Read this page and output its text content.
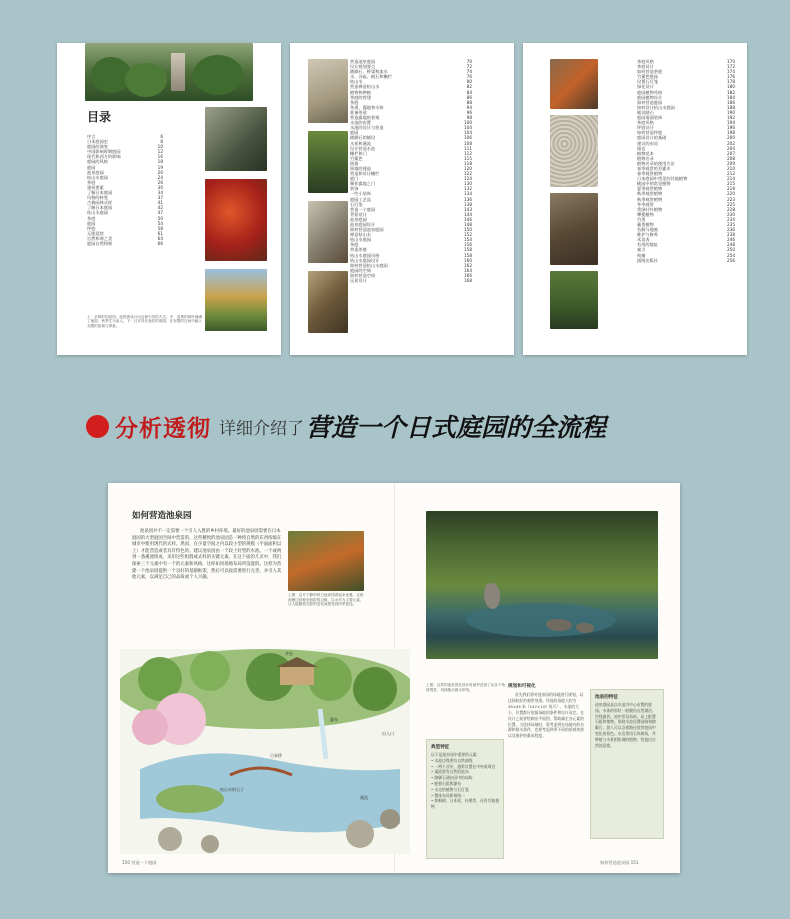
目录
序言	6
日本庭园史	8
庭园的演变	10
中国影响时期庭园	12
现代和西方的影响	16
庭园的风格	18
庭园	19
池泉庭园	20
枯山水庭园	24
茶庭	26
建筑要素	30
了解日本庭园	34
风格的转变	37
古典园林式样	41
了解日本庭园	42
枯山水庭园	47
茶庭	50
庭园	54
坪庭	58
无限延续	61
自然和谐之美	64
庭园自然和谐	66
上：京都町的庭园。庭园被设计出这种引导的方式。中：漆黑的枫叶铺满了地面，秋季尤为迷人。下：日本具代表性的庭园，在有限的空间中融入无限的意境与禅意。
营造池泉庭园	70
设计规划要点	72
踏脚石、桥梁和流水	74
水、沙砾、植石和栅栏	76
枯山水	80
营造禅意枯山水	82
植物和种植	84
茶庭的营建	86
茶庭	88
茶道、露地和水钵	94
准备茶道	96
营造露地的景观	98
水池的布置	100
水池的设计与营造	104
庭园	104
踏脚石的铺设	106
水景和溪流	108
设计营造水池	111
栅栏和门	112
竹篱笆	115
围墙	118
围墙的建造	120
营造和设计栅栏	122
庭门	124
制作露地之门	130
装饰	132
一些小装饰	134
庭园工艺品	136
石灯笼	138
营造一个庭园	143
背景设计	144
池泉庭园	146
池泉庭园设计	148
如何营造池泉庭园	150
禅意枯山水	152
枯山水庭园	154
茶庭	156
营造茶庭	158
枯山水庭园风格	158
枯山水庭园设计	160
如何营造枯山水庭园	162
庭园的空间	164
如何营造空间	166
远景设计	168
茶庭风格	170
茶庭设计	172
如何营造茶庭	174
竹篱笆庭园	176
设置石灯笼	178
绿化设计	180
庭园植物风格	182
庭园植物设计	184
如何营造庭园	186
如何设计枯山水庭园	188
铺设踏石	190
庭园墙面装饰	192
茶庭风格	194
坪庭设计	196
如何营造坪庭	198
庭园设计的基础	200
建议的布局	202
墙边	204
植物范本	207
植物名录	208
植物名录的使用方法	209
春季观赏的乔灌木	210
春季观赏植物	212
日本庭园中常见的其他植物	214
桃园中的常见植物	215
夏季观赏植物	218
秋季观赏植物	220
秋季观赏植物	223
冬季观赏	225
常绿针叶植物	228
攀援植物	230
竹类	234
蕨类植物	235
苔藓与地被	236
维护与修养	238
术语表	246
有用的地址	248
索引	250
致谢	254
插图出版社	256
分析透彻 详细介绍了 营造一个日式庭园的全流程
如何营造池泉园
池泉园并不一定需要一个引人入胜的乡村环境。最好的池泉园需要在日本庭园的大型庭园空间中营造的，这些精致的池泉园是一种将自然的东西浓缩在城市中使用现代的式样。然而，在少量空间之内以较小型的规模（平面面积以上）才能营造或者具有特色的。建议池泉园由一个较土好型的水池、一个或两到一条溪流组成，采用这些组群或式样的关键元素。在这下面的几页中，我们探索三个元素中有一个的元素和风格，这样如同场地布局所设置的。这样为营建一个池泉园提供一个良好的基础框架，然后可以按需要进行完善，并引入其他元素，以满足自己的品质或个人兴趣。
上图：这片宁静的秋日池泉园看起来优雅。这座池塘边延伸至庭院的边缘，以水作为主要元素，让人能随着光影的变化而感受到四季更迭。
茶室
日本桥
出入口
瀑布
枯山水的石子
溪流
上图：这样的池泉园在设计时就考虑到了从各个角度观赏，用绿植点缀水岸线。
典型特征
以下是池泉园中重要的元素：
• 水池边缘要有自然曲线
• 一两个凉亭，通常设置在中央或周边
• 溪流要有自然的流向
• 踏脚石通往园中的岛屿
• 配植石组和瀑布
• 水边的植物与石灯笼
• 整体布局和谐统一
• 如枫树、日本松、杜鹃等，还有其他植物
规划和可视化
首先我们将对池泉园的场地进行规划，以达到较好的观赏效果。所选的场地大约为 45×45 米（147×147 英尺），水池的大小、位置都应依据场地的条件和设计而定。在设计之前要绘制出平面图，帮助确定各元素的位置。当选择场地时，需考虑到在场地内的水源和排水条件，也要考虑四季不同的景观效果以及维护的难易程度。
池泉的特征
池泉庭园是以水池为中心布置的庭园。水体的形状一般模仿自然湖泊，岸线曲折。池中常设岛屿，岛上配置石组和植物。围绕水池设置园路和踏脚石，游人可以沿着路径欣赏庭园中变化的景色。水边常用石块砌筑，并种植与水景相协调的植物，营造出自然的意境。
150 营造一个庭园	如何营造池泉园 151
